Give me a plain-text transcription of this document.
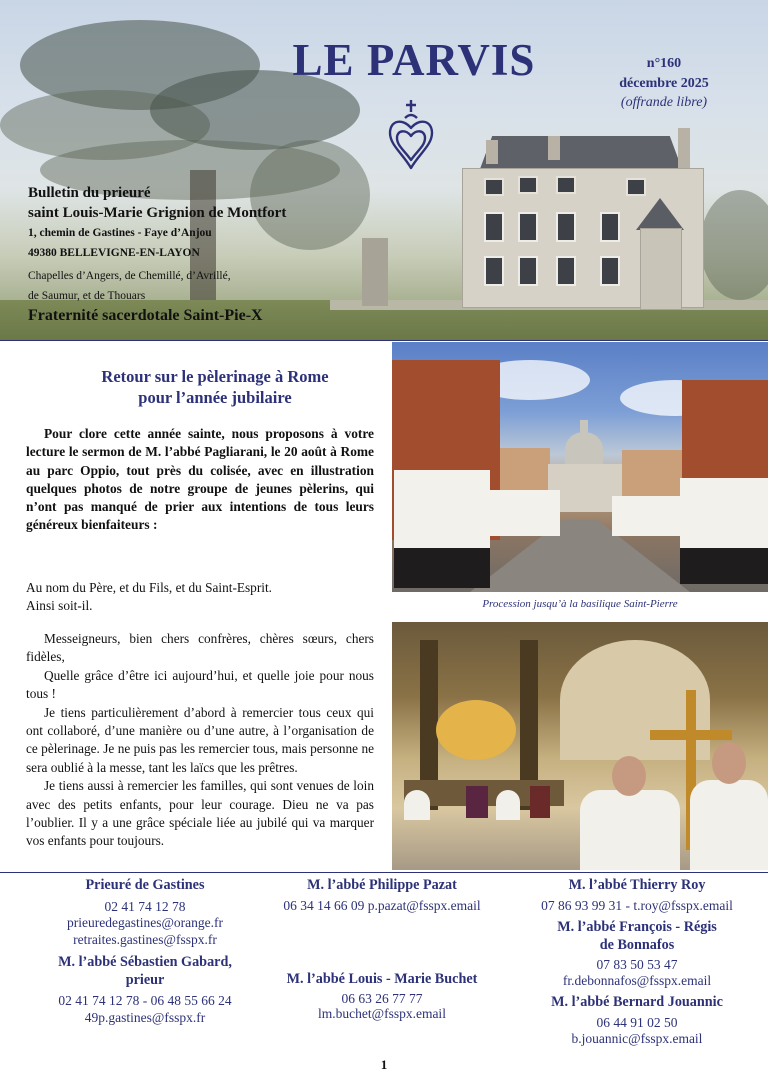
LE PARVIS	n°160
décembre 2025
(offrande libre)
Bulletin du prieuré
saint Louis-Marie Grignion de Montfort
1, chemin de Gastines - Faye d’Anjou
49380 BELLEVIGNE-EN-LAYON
Chapelles d’Angers, de Chemillé, d’Avrillé,
de Saumur, et de Thouars
Fraternité sacerdotale Saint-Pie-X
Retour sur le pèlerinage à Rome
pour l’année jubilaire

Pour clore cette année sainte, nous proposons à votre lecture le sermon de M. l’abbé Pagliarani, le 20 août à Rome au parc Oppio, tout près du colisée, avec en illustration quelques photos de notre groupe de jeunes pèlerins, qui n’ont pas manqué de prier aux intentions de tous leurs généreux bienfaiteurs :

Au nom du Père, et du Fils, et du Saint-Esprit.

Ainsi soit-il.

Messeigneurs, bien chers confrères, chères sœurs, chers fidèles,

Quelle grâce d’être ici aujourd’hui, et quelle joie pour nous tous !

Je tiens particulièrement d’abord à remercier tous ceux qui ont collaboré, d’une manière ou d’une autre, à l’organisation de ce pèlerinage. Je ne puis pas les remercier tous, mais personne ne sera oublié à la messe, tant les laïcs que les prêtres.

Je tiens aussi à remercier les familles, qui sont venues de loin avec des petits enfants, pour leur courage. Dieu ne va pas l’oublier. Il y a une grâce spéciale liée au jubilé qui va marquer vos enfants pour toujours.

Procession jusqu’à la basilique Saint-Pierre
Prieuré de Gastines
02 41 74 12 78
prieuredegastines@orange.fr
retraites.gastines@fsspx.fr
M. l’abbé Sébastien Gabard,
prieur
02 41 74 12 78 - 06 48 55 66 24
49p.gastines@fsspx.fr
M. l’abbé Philippe Pazat
06 34 14 66 09 p.pazat@fsspx.email
M. l’abbé Louis - Marie Buchet
06 63 26 77 77
lm.buchet@fsspx.email
M. l’abbé Thierry Roy
07 86 93 99 31 - t.roy@fsspx.email
M. l’abbé François - Régis
de Bonnafos
07 83 50 53 47
fr.debonnafos@fsspx.email
M. l’abbé Bernard Jouannic
06 44 91 02 50
b.jouannic@fsspx.email
1
